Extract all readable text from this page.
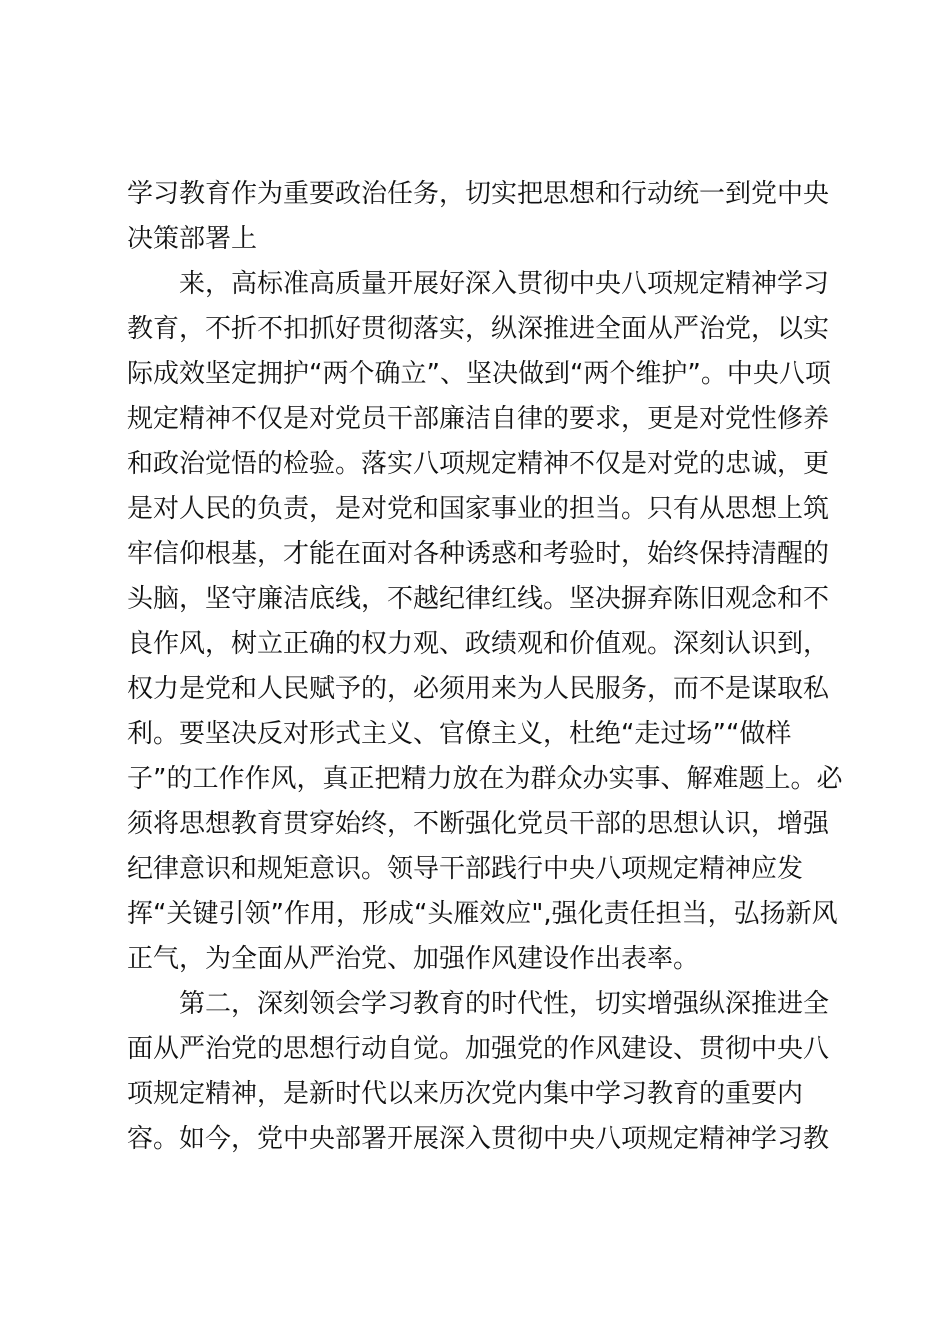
学习教育作为重要政治任务，切实把思想和行动统一到党中央
决策部署上
来，高标准高质量开展好深入贯彻中央八项规定精神学习
教育，不折不扣抓好贯彻落实，纵深推进全面从严治党，以实
际成效坚定拥护“两个确立”、坚决做到“两个维护”。中央八项
规定精神不仅是对党员干部廉洁自律的要求，更是对党性修养
和政治觉悟的检验。落实八项规定精神不仅是对党的忠诚，更
是对人民的负责，是对党和国家事业的担当。只有从思想上筑
牢信仰根基，才能在面对各种诱惑和考验时，始终保持清醒的
头脑，坚守廉洁底线，不越纪律红线。坚决摒弃陈旧观念和不
良作风，树立正确的权力观、政绩观和价值观。深刻认识到，
权力是党和人民赋予的，必须用来为人民服务，而不是谋取私
利。要坚决反对形式主义、官僚主义，杜绝“走过场”“做样
子”的工作作风，真正把精力放在为群众办实事、解难题上。必
须将思想教育贯穿始终，不断强化党员干部的思想认识，增强
纪律意识和规矩意识。领导干部践行中央八项规定精神应发
挥“关键引领”作用，形成“头雁效应",强化责任担当，弘扬新风
正气，为全面从严治党、加强作风建设作出表率。
第二，深刻领会学习教育的时代性，切实增强纵深推进全
面从严治党的思想行动自觉。加强党的作风建设、贯彻中央八
项规定精神，是新时代以来历次党内集中学习教育的重要内
容。如今，党中央部署开展深入贯彻中央八项规定精神学习教
